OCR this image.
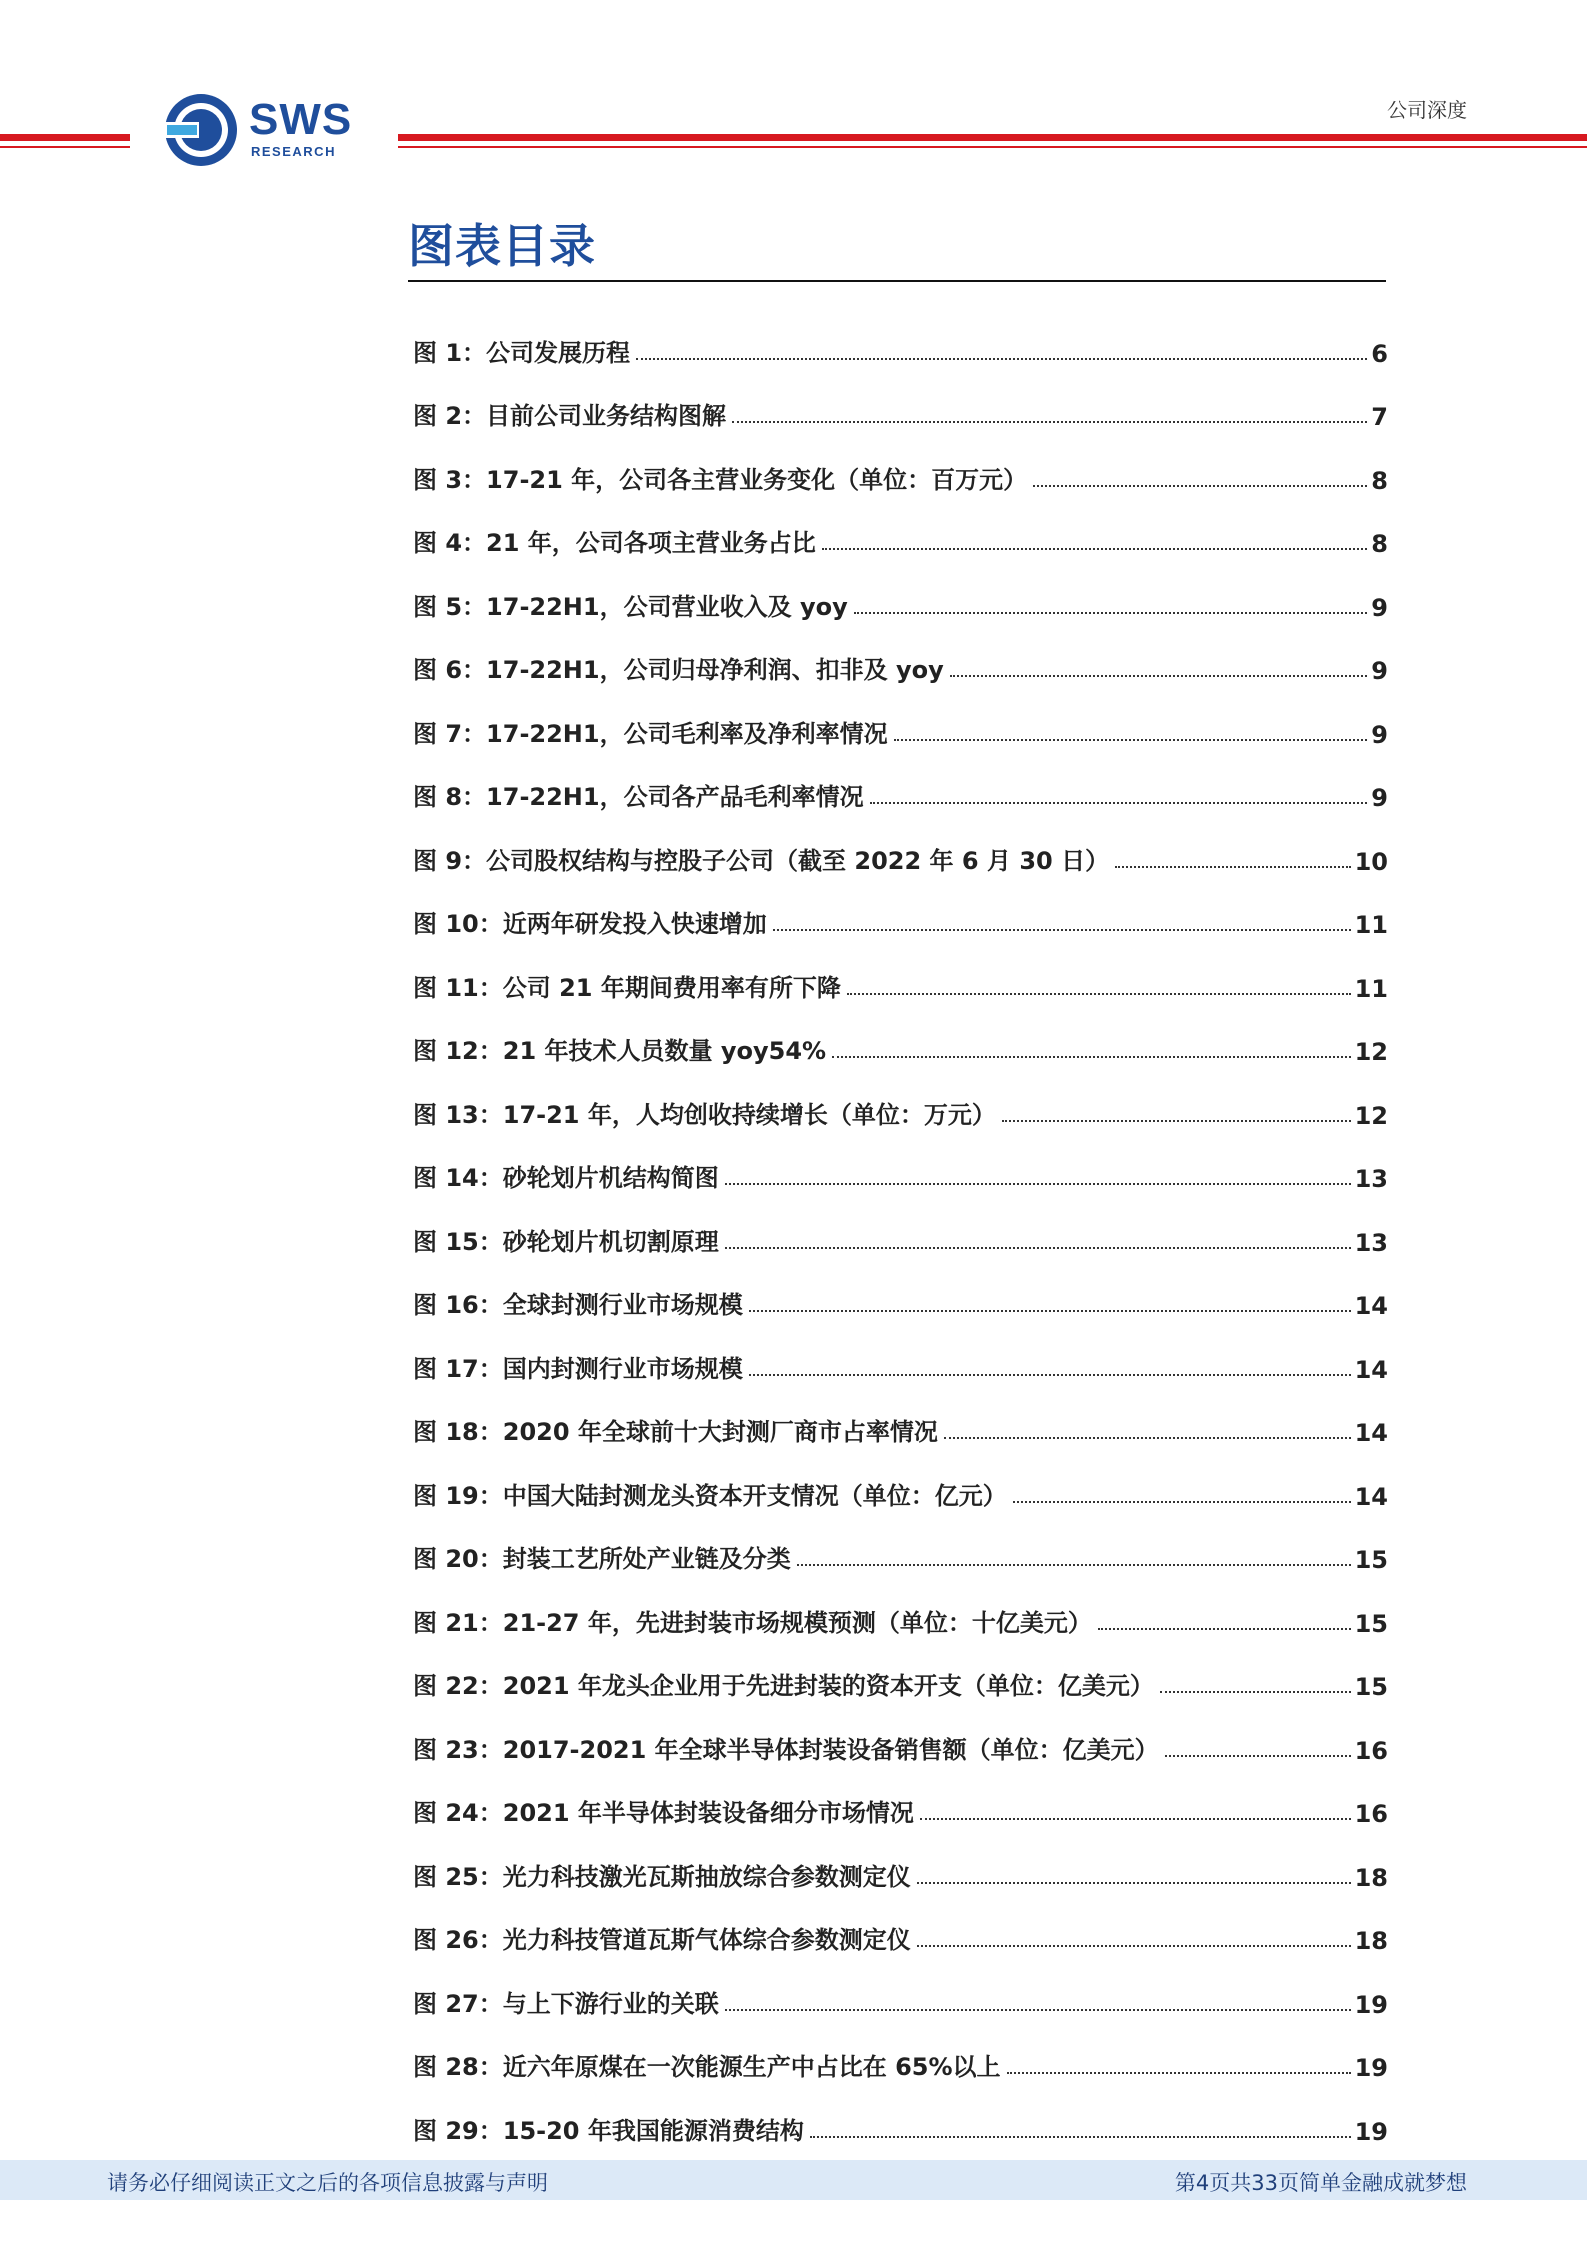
SWS
RESEARCH
公司深度
图表目录
图 1：公司发展历程	6
图 2：目前公司业务结构图解	7
图 3：17-21 年，公司各主营业务变化（单位：百万元）	8
图 4：21 年，公司各项主营业务占比	8
图 5：17-22H1，公司营业收入及 yoy	9
图 6：17-22H1，公司归母净利润、扣非及 yoy	9
图 7：17-22H1，公司毛利率及净利率情况	9
图 8：17-22H1，公司各产品毛利率情况	9
图 9：公司股权结构与控股子公司（截至 2022 年 6 月 30 日）	10
图 10：近两年研发投入快速增加	11
图 11：公司 21 年期间费用率有所下降	11
图 12：21 年技术人员数量 yoy54%	12
图 13：17-21 年，人均创收持续增长（单位：万元）	12
图 14：砂轮划片机结构简图	13
图 15：砂轮划片机切割原理	13
图 16：全球封测行业市场规模	14
图 17：国内封测行业市场规模	14
图 18：2020 年全球前十大封测厂商市占率情况	14
图 19：中国大陆封测龙头资本开支情况（单位：亿元）	14
图 20：封装工艺所处产业链及分类	15
图 21：21-27 年，先进封装市场规模预测（单位：十亿美元）	15
图 22：2021 年龙头企业用于先进封装的资本开支（单位：亿美元）	15
图 23：2017-2021 年全球半导体封装设备销售额（单位：亿美元）	16
图 24：2021 年半导体封装设备细分市场情况	16
图 25：光力科技激光瓦斯抽放综合参数测定仪	18
图 26：光力科技管道瓦斯气体综合参数测定仪	18
图 27：与上下游行业的关联	19
图 28：近六年原煤在一次能源生产中占比在 65%以上	19
图 29：15-20 年我国能源消费结构	19
请务必仔细阅读正文之后的各项信息披露与声明	第4页共33页简单金融成就梦想
